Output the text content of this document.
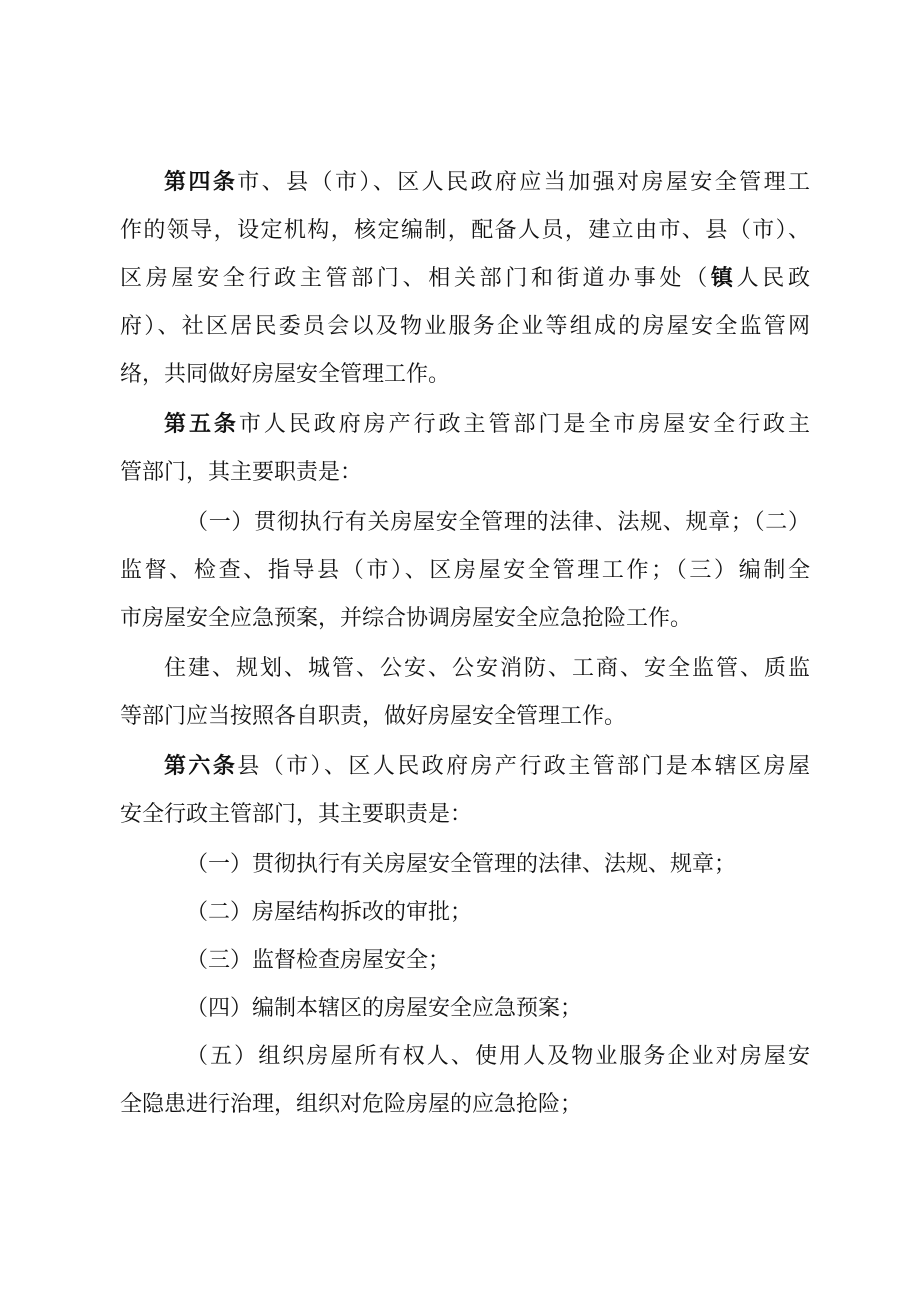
第四条市、县（市）、区人民政府应当加强对房屋安全管理工
作的领导，设定机构，核定编制，配备人员，建立由市、县（市）、
区房屋安全行政主管部门、相关部门和街道办事处（镇人民政
府）、社区居民委员会以及物业服务企业等组成的房屋安全监管网
络，共同做好房屋安全管理工作。
第五条市人民政府房产行政主管部门是全市房屋安全行政主
管部门，其主要职责是：
（一）贯彻执行有关房屋安全管理的法律、法规、规章；（二）
监督、检查、指导县（市）、区房屋安全管理工作；（三）编制全
市房屋安全应急预案，并综合协调房屋安全应急抢险工作。
住建、规划、城管、公安、公安消防、工商、安全监管、质监
等部门应当按照各自职责，做好房屋安全管理工作。
第六条县（市）、区人民政府房产行政主管部门是本辖区房屋
安全行政主管部门，其主要职责是：
（一）贯彻执行有关房屋安全管理的法律、法规、规章；
（二）房屋结构拆改的审批；
（三）监督检查房屋安全；
（四）编制本辖区的房屋安全应急预案；
（五）组织房屋所有权人、使用人及物业服务企业对房屋安
全隐患进行治理，组织对危险房屋的应急抢险；
